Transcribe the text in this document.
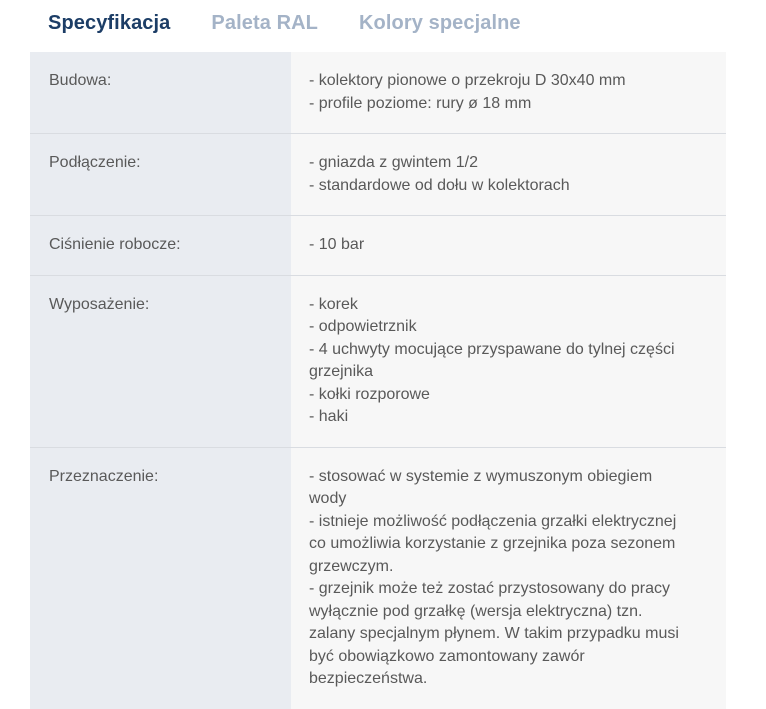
Specyfikacja Paleta RAL Kolory specjalne
Budowa:	- kolektory pionowe o przekroju D 30x40 mm
- profile poziome: rury ø 18 mm

Podłączenie:	- gniazda z gwintem 1/2
- standardowe od dołu w kolektorach

Ciśnienie robocze:	- 10 bar

Wyposażenie:	- korek
- odpowietrznik
- 4 uchwyty mocujące przyspawane do tylnej części grzejnika
- kołki rozporowe
- haki

Przeznaczenie:	- stosować w systemie z wymuszonym obiegiem wody
- istnieje możliwość podłączenia grzałki elektrycznej co umożliwia korzystanie z grzejnika poza sezonem grzewczym.
- grzejnik może też zostać przystosowany do pracy wyłącznie pod grzałkę (wersja elektryczna) tzn. zalany specjalnym płynem. W takim przypadku musi być obowiązkowo zamontowany zawór bezpieczeństwa.
